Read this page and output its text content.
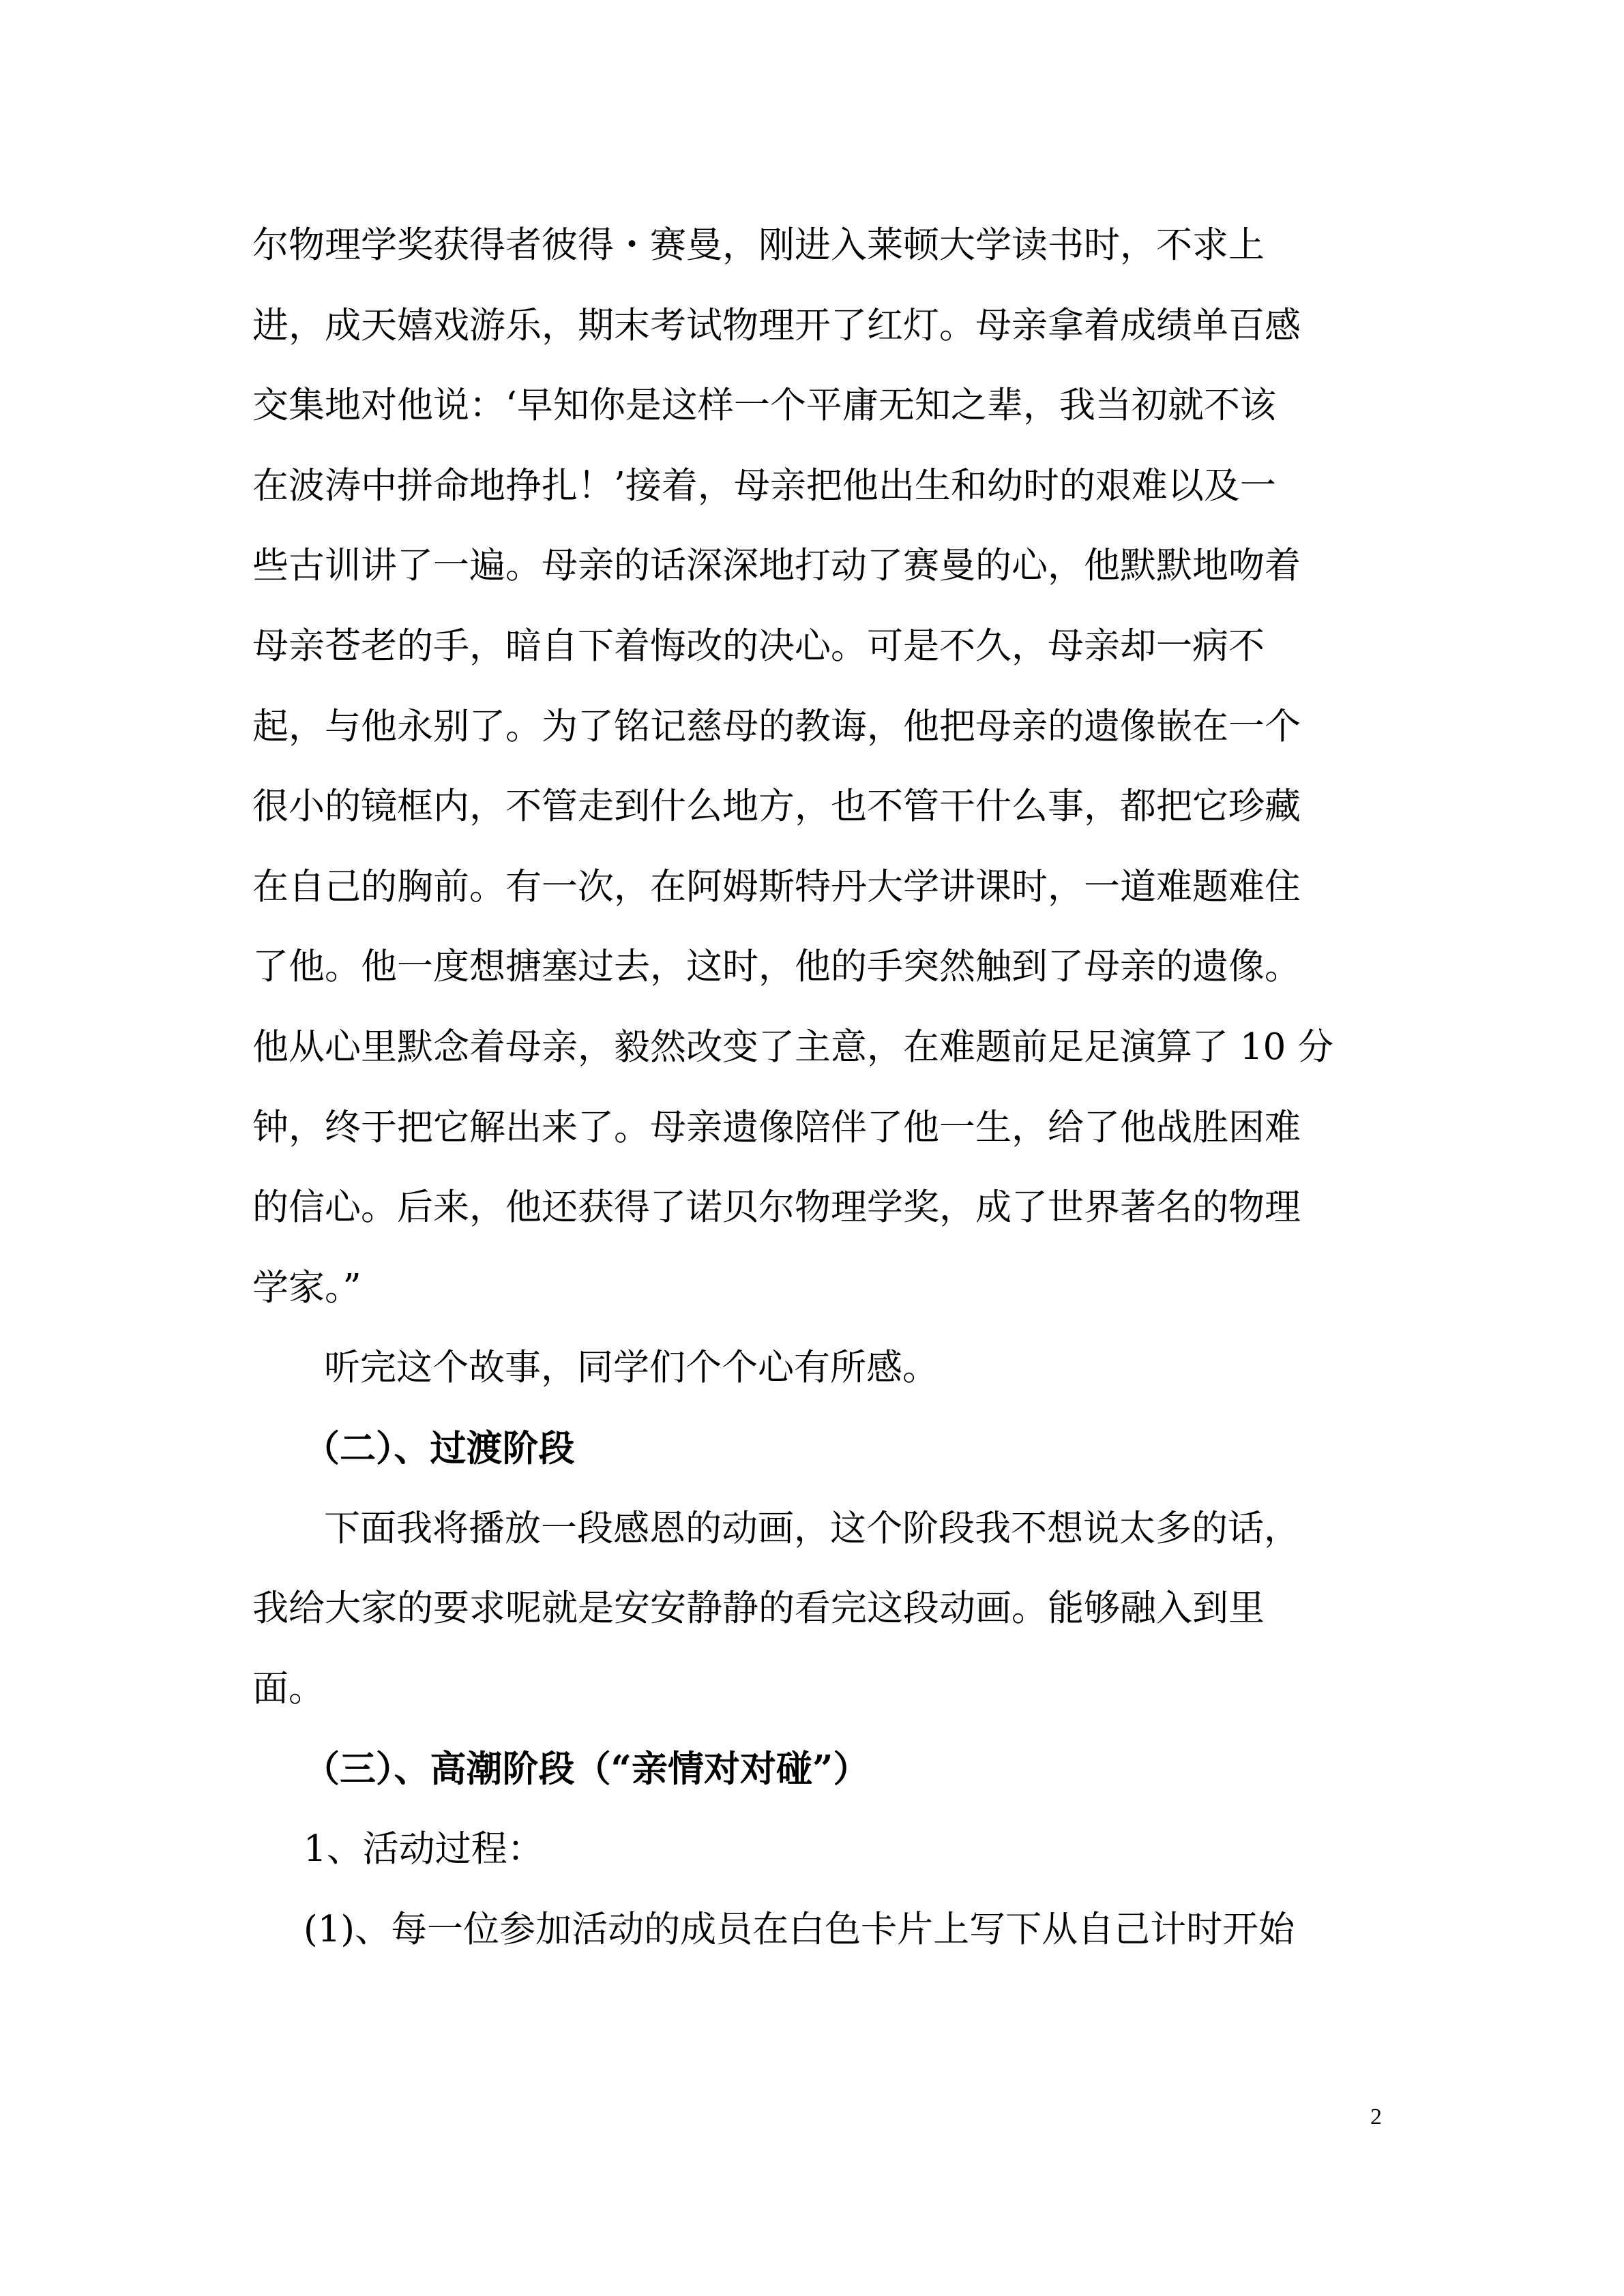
尔物理学奖获得者彼得・赛曼，刚进入莱顿大学读书时，不求上
进，成天嬉戏游乐，期末考试物理开了红灯。母亲拿着成绩单百感
交集地对他说：‘早知你是这样一个平庸无知之辈，我当初就不该
在波涛中拼命地挣扎！’接着，母亲把他出生和幼时的艰难以及一
些古训讲了一遍。母亲的话深深地打动了赛曼的心，他默默地吻着
母亲苍老的手，暗自下着悔改的决心。可是不久，母亲却一病不
起，与他永别了。为了铭记慈母的教诲，他把母亲的遗像嵌在一个
很小的镜框内，不管走到什么地方，也不管干什么事，都把它珍藏
在自己的胸前。有一次，在阿姆斯特丹大学讲课时，一道难题难住
了他。他一度想搪塞过去，这时，他的手突然触到了母亲的遗像。
他从心里默念着母亲，毅然改变了主意，在难题前足足演算了 10 分
钟，终于把它解出来了。母亲遗像陪伴了他一生，给了他战胜困难
的信心。后来，他还获得了诺贝尔物理学奖，成了世界著名的物理
学家。”
听完这个故事，同学们个个心有所感。
（二）、过渡阶段
下面我将播放一段感恩的动画，这个阶段我不想说太多的话，
我给大家的要求呢就是安安静静的看完这段动画。能够融入到里
面。
（三）、高潮阶段（“亲情对对碰”）
1、活动过程：
(1)、每一位参加活动的成员在白色卡片上写下从自己计时开始
2
